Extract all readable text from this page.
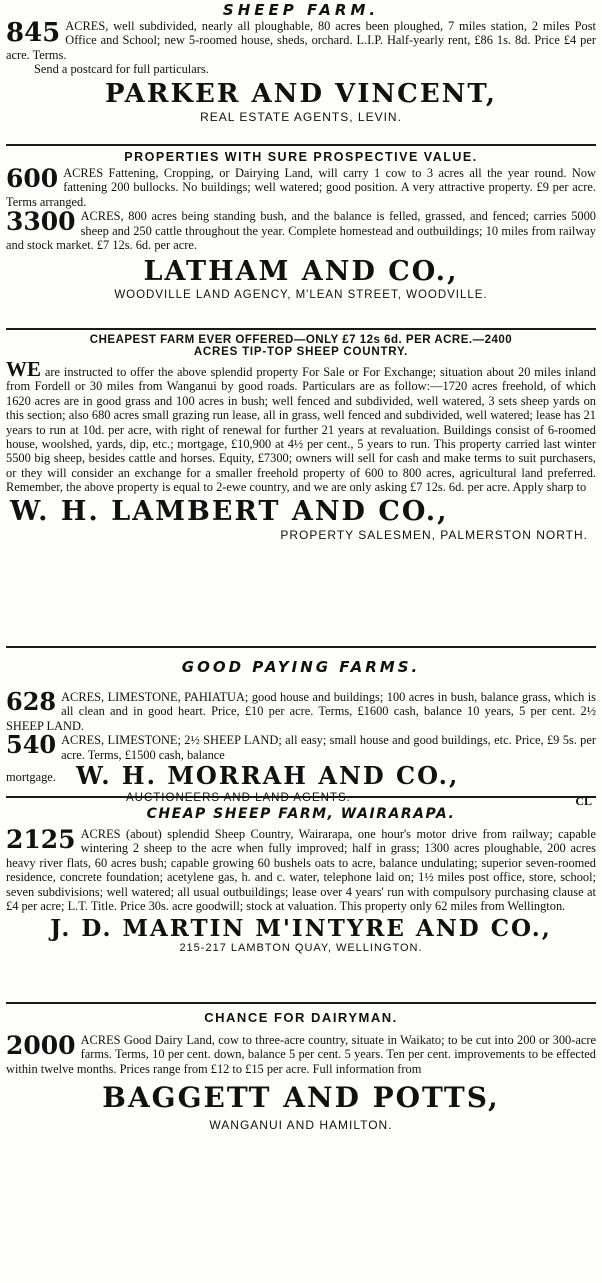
SHEEP FARM.
845 ACRES, well subdivided, nearly all ploughable, 80 acres been ploughed, 7 miles station, 2 miles Post Office and School; new 5-roomed house, sheds, orchard. L.I.P. Half-yearly rent, £86 1s. 8d. Price £4 per acre. Terms.
Send a postcard for full particulars.
PARKER AND VINCENT,
REAL ESTATE AGENTS, LEVIN.
PROPERTIES WITH SURE PROSPECTIVE VALUE.
600 ACRES Fattening, Cropping, or Dairying Land, will carry 1 cow to 3 acres all the year round. Now fattening 200 bullocks. No buildings; well watered; good position. A very attractive property. £9 per acre. Terms arranged.
3300 ACRES, 800 acres being standing bush, and the balance is felled, grassed, and fenced; carries 5000 sheep and 250 cattle throughout the year. Complete homestead and outbuildings; 10 miles from railway and stock market. £7 12s. 6d. per acre.
LATHAM AND CO.,
WOODVILLE LAND AGENCY, M'LEAN STREET, WOODVILLE.
CHEAPEST FARM EVER OFFERED—ONLY £7 12s 6d. PER ACRE.—2400
ACRES TIP-TOP SHEEP COUNTRY.
WE are instructed to offer the above splendid property For Sale or For Exchange; situation about 20 miles inland from Fordell or 30 miles from Wanganui by good roads. Particulars are as follow:—1720 acres freehold, of which 1620 acres are in good grass and 100 acres in bush; well fenced and subdivided, well watered, 3 sets sheep yards on this section; also 680 acres small grazing run lease, all in grass, well fenced and subdivided, well watered; lease has 21 years to run at 10d. per acre, with right of renewal for further 21 years at revaluation. Buildings consist of 6-roomed house, woolshed, yards, dip, etc.; mortgage, £10,900 at 4½ per cent., 5 years to run. This property carried last winter 5500 big sheep, besides cattle and horses. Equity, £7300; owners will sell for cash and make terms to suit purchasers, or they will consider an exchange for a smaller freehold property of 600 to 800 acres, agricultural land preferred. Remember, the above property is equal to 2-ewe country, and we are only asking £7 12s. 6d. per acre. Apply sharp to
W. H. LAMBERT AND CO.,
PROPERTY SALESMEN, PALMERSTON NORTH.
GOOD PAYING FARMS.
628 ACRES, LIMESTONE, PAHIATUA; good house and buildings; 100 acres in bush, balance grass, which is all clean and in good heart. Price, £10 per acre. Terms, £1600 cash, balance 10 years, 5 per cent. 2½ SHEEP LAND.
540 ACRES, LIMESTONE; 2½ SHEEP LAND; all easy; small house and good buildings, etc. Price, £9 5s. per acre. Terms, £1500 cash, balance
mortgage. W. H. MORRAH AND CO.,
AUCTIONEERS AND LAND AGENTS.	CL
CHEAP SHEEP FARM, WAIRARAPA.
2125 ACRES (about) splendid Sheep Country, Wairarapa, one hour's motor drive from railway; capable wintering 2 sheep to the acre when fully improved; half in grass; 1300 acres ploughable, 200 acres heavy river flats, 60 acres bush; capable growing 60 bushels oats to acre, balance undulating; superior seven-roomed residence, concrete foundation; acetylene gas, h. and c. water, telephone laid on; 1½ miles post office, store, school; seven subdivisions; well watered; all usual outbuildings; lease over 4 years' run with compulsory purchasing clause at £4 per acre; L.T. Title. Price 30s. acre goodwill; stock at valuation. This property only 62 miles from Wellington.
J. D. MARTIN M'INTYRE AND CO.,
215-217 LAMBTON QUAY, WELLINGTON.
CHANCE FOR DAIRYMAN.
2000 ACRES Good Dairy Land, cow to three-acre country, situate in Waikato; to be cut into 200 or 300-acre farms. Terms, 10 per cent. down, balance 5 per cent. 5 years. Ten per cent. improvements to be effected within twelve months. Prices range from £12 to £15 per acre. Full information from
BAGGETT AND POTTS,
WANGANUI AND HAMILTON.
